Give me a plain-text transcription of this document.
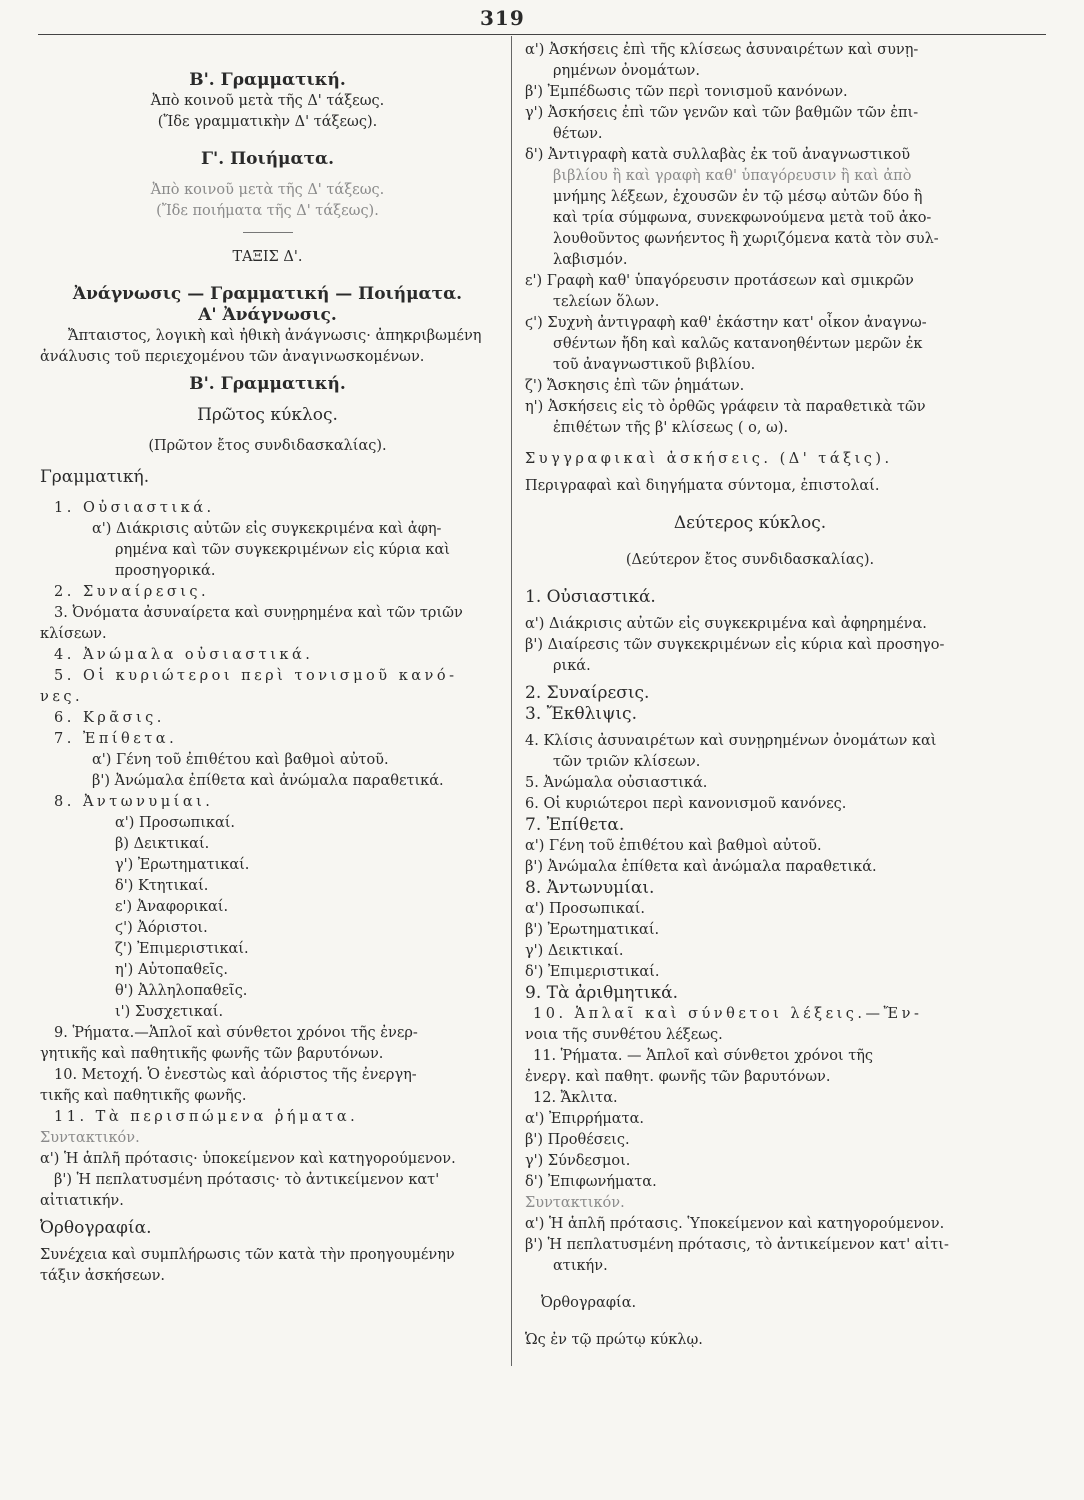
319
Β'. Γραμματική.
Ἀπὸ κοινοῦ μετὰ τῆς Δ' τάξεως.
(Ἴδε γραμματικὴν Δ' τάξεως).
Γ'. Ποιήματα.
Ἀπὸ κοινοῦ μετὰ τῆς Δ' τάξεως.
(Ἴδε ποιήματα τῆς Δ' τάξεως).
ΤΑΞΙΣ Δ'.
Ἀνάγνωσις — Γραμματική — Ποιήματα.
Α' Ἀνάγνωσις.
Ἄπταιστος, λογικὴ καὶ ἠθικὴ ἀνάγνωσις· ἀπηκριβωμένη
ἀνάλυσις τοῦ περιεχομένου τῶν ἀναγινωσκομένων.
Β'. Γραμματική.
Πρῶτος κύκλος.
(Πρῶτον ἔτος συνδιδασκαλίας).
Γραμματική.
1. Οὐσιαστικά.
α') Διάκρισις αὐτῶν εἰς συγκεκριμένα καὶ ἀφη-
ρημένα καὶ τῶν συγκεκριμένων εἰς κύρια καὶ
προσηγορικά.
2. Συναίρεσις.
3. Ὀνόματα ἀσυναίρετα καὶ συνῃρημένα καὶ τῶν τριῶν
κλίσεων.
4. Ἀνώμαλα οὐσιαστικά.
5. Οἱ κυριώτεροι περὶ τονισμοῦ κανό-
νες.
6. Κρᾶσις.
7. Ἐπίθετα.
α') Γένη τοῦ ἐπιθέτου καὶ βαθμοὶ αὐτοῦ.
β') Ἀνώμαλα ἐπίθετα καὶ ἀνώμαλα παραθετικά.
8. Ἀντωνυμίαι.
α') Προσωπικαί.
β) Δεικτικαί.
γ') Ἐρωτηματικαί.
δ') Κτητικαί.
ε') Ἀναφορικαί.
ϛ') Ἀόριστοι.
ζ') Ἐπιμεριστικαί.
η') Αὐτοπαθεῖς.
θ') Ἀλληλοπαθεῖς.
ι') Συσχετικαί.
9. Ῥήματα.—Ἁπλοῖ καὶ σύνθετοι χρόνοι τῆς ἐνερ-
γητικῆς καὶ παθητικῆς φωνῆς τῶν βαρυτόνων.
10. Μετοχή. Ὁ ἐνεστὼς καὶ ἀόριστος τῆς ἐνεργη-
τικῆς καὶ παθητικῆς φωνῆς.
11. Τὰ περισπώμενα ῥήματα.
Συντακτικόν.
α') Ἡ ἁπλῆ πρότασις· ὑποκείμενον καὶ κατηγορούμενον.
β') Ἡ πεπλατυσμένη πρότασις· τὸ ἀντικείμενον κατ'
αἰτιατικήν.
Ὀρθογραφία.
Συνέχεια καὶ συμπλήρωσις τῶν κατὰ τὴν προηγουμένην
τάξιν ἀσκήσεων.
α') Ἀσκήσεις ἐπὶ τῆς κλίσεως ἀσυναιρέτων καὶ συνῃ-
ρημένων ὀνομάτων.
β') Ἐμπέδωσις τῶν περὶ τονισμοῦ κανόνων.
γ') Ἀσκήσεις ἐπὶ τῶν γενῶν καὶ τῶν βαθμῶν τῶν ἐπι-
θέτων.
δ') Ἀντιγραφὴ κατὰ συλλαβὰς ἐκ τοῦ ἀναγνωστικοῦ
βιβλίου ἢ καὶ γραφὴ καθ' ὑπαγόρευσιν ἢ καὶ ἀπὸ
μνήμης λέξεων, ἐχουσῶν ἐν τῷ μέσῳ αὐτῶν δύο ἢ
καὶ τρία σύμφωνα, συνεκφωνούμενα μετὰ τοῦ ἀκο-
λουθοῦντος φωνήεντος ἢ χωριζόμενα κατὰ τὸν συλ-
λαβισμόν.
ε') Γραφὴ καθ' ὑπαγόρευσιν προτάσεων καὶ σμικρῶν
τελείων ὅλων.
ϛ') Συχνὴ ἀντιγραφὴ καθ' ἑκάστην κατ' οἶκον ἀναγνω-
σθέντων ἤδη καὶ καλῶς κατανοηθέντων μερῶν ἐκ
τοῦ ἀναγνωστικοῦ βιβλίου.
ζ') Ἄσκησις ἐπὶ τῶν ῥημάτων.
η') Ἀσκήσεις εἰς τὸ ὀρθῶς γράφειν τὰ παραθετικὰ τῶν
ἐπιθέτων τῆς β' κλίσεως ( ο, ω).
Συγγραφικαὶ ἀσκήσεις. (Δ' τάξις).
Περιγραφαὶ καὶ διηγήματα σύντομα, ἐπιστολαί.
Δεύτερος κύκλος.
(Δεύτερον ἔτος συνδιδασκαλίας).
1. Οὐσιαστικά.
α') Διάκρισις αὐτῶν εἰς συγκεκριμένα καὶ ἀφηρημένα.
β') Διαίρεσις τῶν συγκεκριμένων εἰς κύρια καὶ προσηγο-
ρικά.
2. Συναίρεσις.
3. Ἔκθλιψις.
4. Κλίσις ἀσυναιρέτων καὶ συνῃρημένων ὀνομάτων καὶ
τῶν τριῶν κλίσεων.
5. Ἀνώμαλα οὐσιαστικά.
6. Οἱ κυριώτεροι περὶ κανονισμοῦ κανόνες.
7. Ἐπίθετα.
α') Γένη τοῦ ἐπιθέτου καὶ βαθμοὶ αὐτοῦ.
β') Ἀνώμαλα ἐπίθετα καὶ ἀνώμαλα παραθετικά.
8. Ἀντωνυμίαι.
α') Προσωπικαί.
β') Ἐρωτηματικαί.
γ') Δεικτικαί.
δ') Ἐπιμεριστικαί.
9. Τὰ ἀριθμητικά.
10. Ἁπλαῖ καὶ σύνθετοι λέξεις.—Ἔν-
νοια τῆς συνθέτου λέξεως.
11. Ῥήματα. — Ἁπλοῖ καὶ σύνθετοι χρόνοι τῆς
ἐνεργ. καὶ παθητ. φωνῆς τῶν βαρυτόνων.
12. Ἄκλιτα.
α') Ἐπιρρήματα.
β') Προθέσεις.
γ') Σύνδεσμοι.
δ') Ἐπιφωνήματα.
Συντακτικόν.
α') Ἡ ἁπλῆ πρότασις. Ὑποκείμενον καὶ κατηγορούμενον.
β') Ἡ πεπλατυσμένη πρότασις, τὸ ἀντικείμενον κατ' αἰτι-
ατικήν.
Ὀρθογραφία.
Ὡς ἐν τῷ πρώτῳ κύκλῳ.
